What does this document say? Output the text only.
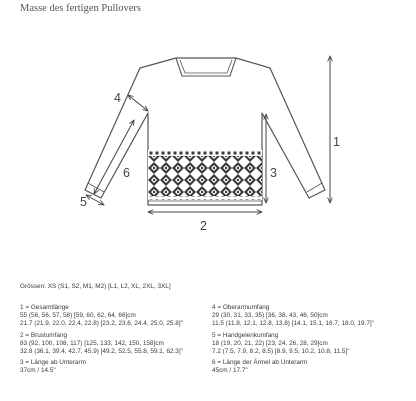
Masse des fertigen Pullovers
1
2
3
4
5
6
Grössen: XS (S1, S2, M1, M2) [L1, L2, XL, 2XL, 3XL]
1 = Gesamtlänge
55 (56, 56, 57, 58) [59, 60, 62, 64, 66]cm
21.7 (21.9, 22.0, 22.4, 22.8) [23.2, 23.6, 24.4, 25.0, 25.8]"
2 = Brustumfang
83 (92, 100, 108, 117) [125, 133, 142, 150, 158]cm
32.8 (36.1, 39.4, 42.7, 45.9) [49.2, 52.5, 55.8, 59.1, 62.3]"
3 = Länge ab Unterarm
37cm / 14.5"
4 = Oberarmumfang
29 (30, 31, 33, 35) [36, 38, 43, 46, 50]cm
11.5 (11.8, 12.1, 12.8, 13.8) [14.1, 15.1, 16.7, 18.0, 19.7]"
5 = Handgelenkumfang
18 (19, 20, 21, 22) [23, 24, 26, 28, 29]cm
7.2 (7.5, 7.9, 8.2, 8.5) [8.9, 9.5, 10.2, 10.8, 11.5]"
6 = Länge der Ärmel ab Unterarm
45cm / 17.7"
